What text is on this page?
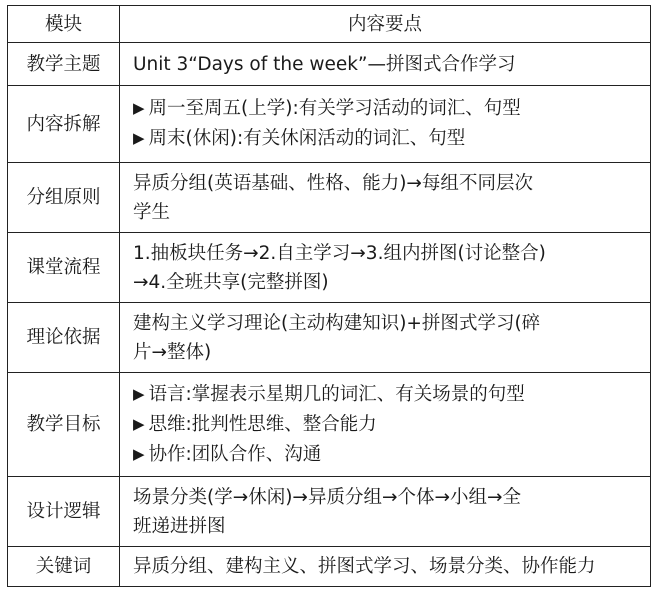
模块	内容要点
教学主题	Unit 3“Days of the week”—拼图式合作学习

内容拆解	▶ 周一至周五(上学):有关学习活动的词汇、句型
▶ 周末(休闲):有关休闲活动的词汇、句型

分组原则	异质分组(英语基础、性格、能力)→每组不同层次
学生

课堂流程	1.抽板块任务→2.自主学习→3.组内拼图(讨论整合)
→4.全班共享(完整拼图)

理论依据	建构主义学习理论(主动构建知识)+拼图式学习(碎
片→整体)

教学目标	▶ 语言:掌握表示星期几的词汇、有关场景的句型
▶ 思维:批判性思维、整合能力
▶ 协作:团队合作、沟通

设计逻辑	场景分类(学→休闲)→异质分组→个体→小组→全
班递进拼图

关键词	异质分组、建构主义、拼图式学习、场景分类、协作能力
